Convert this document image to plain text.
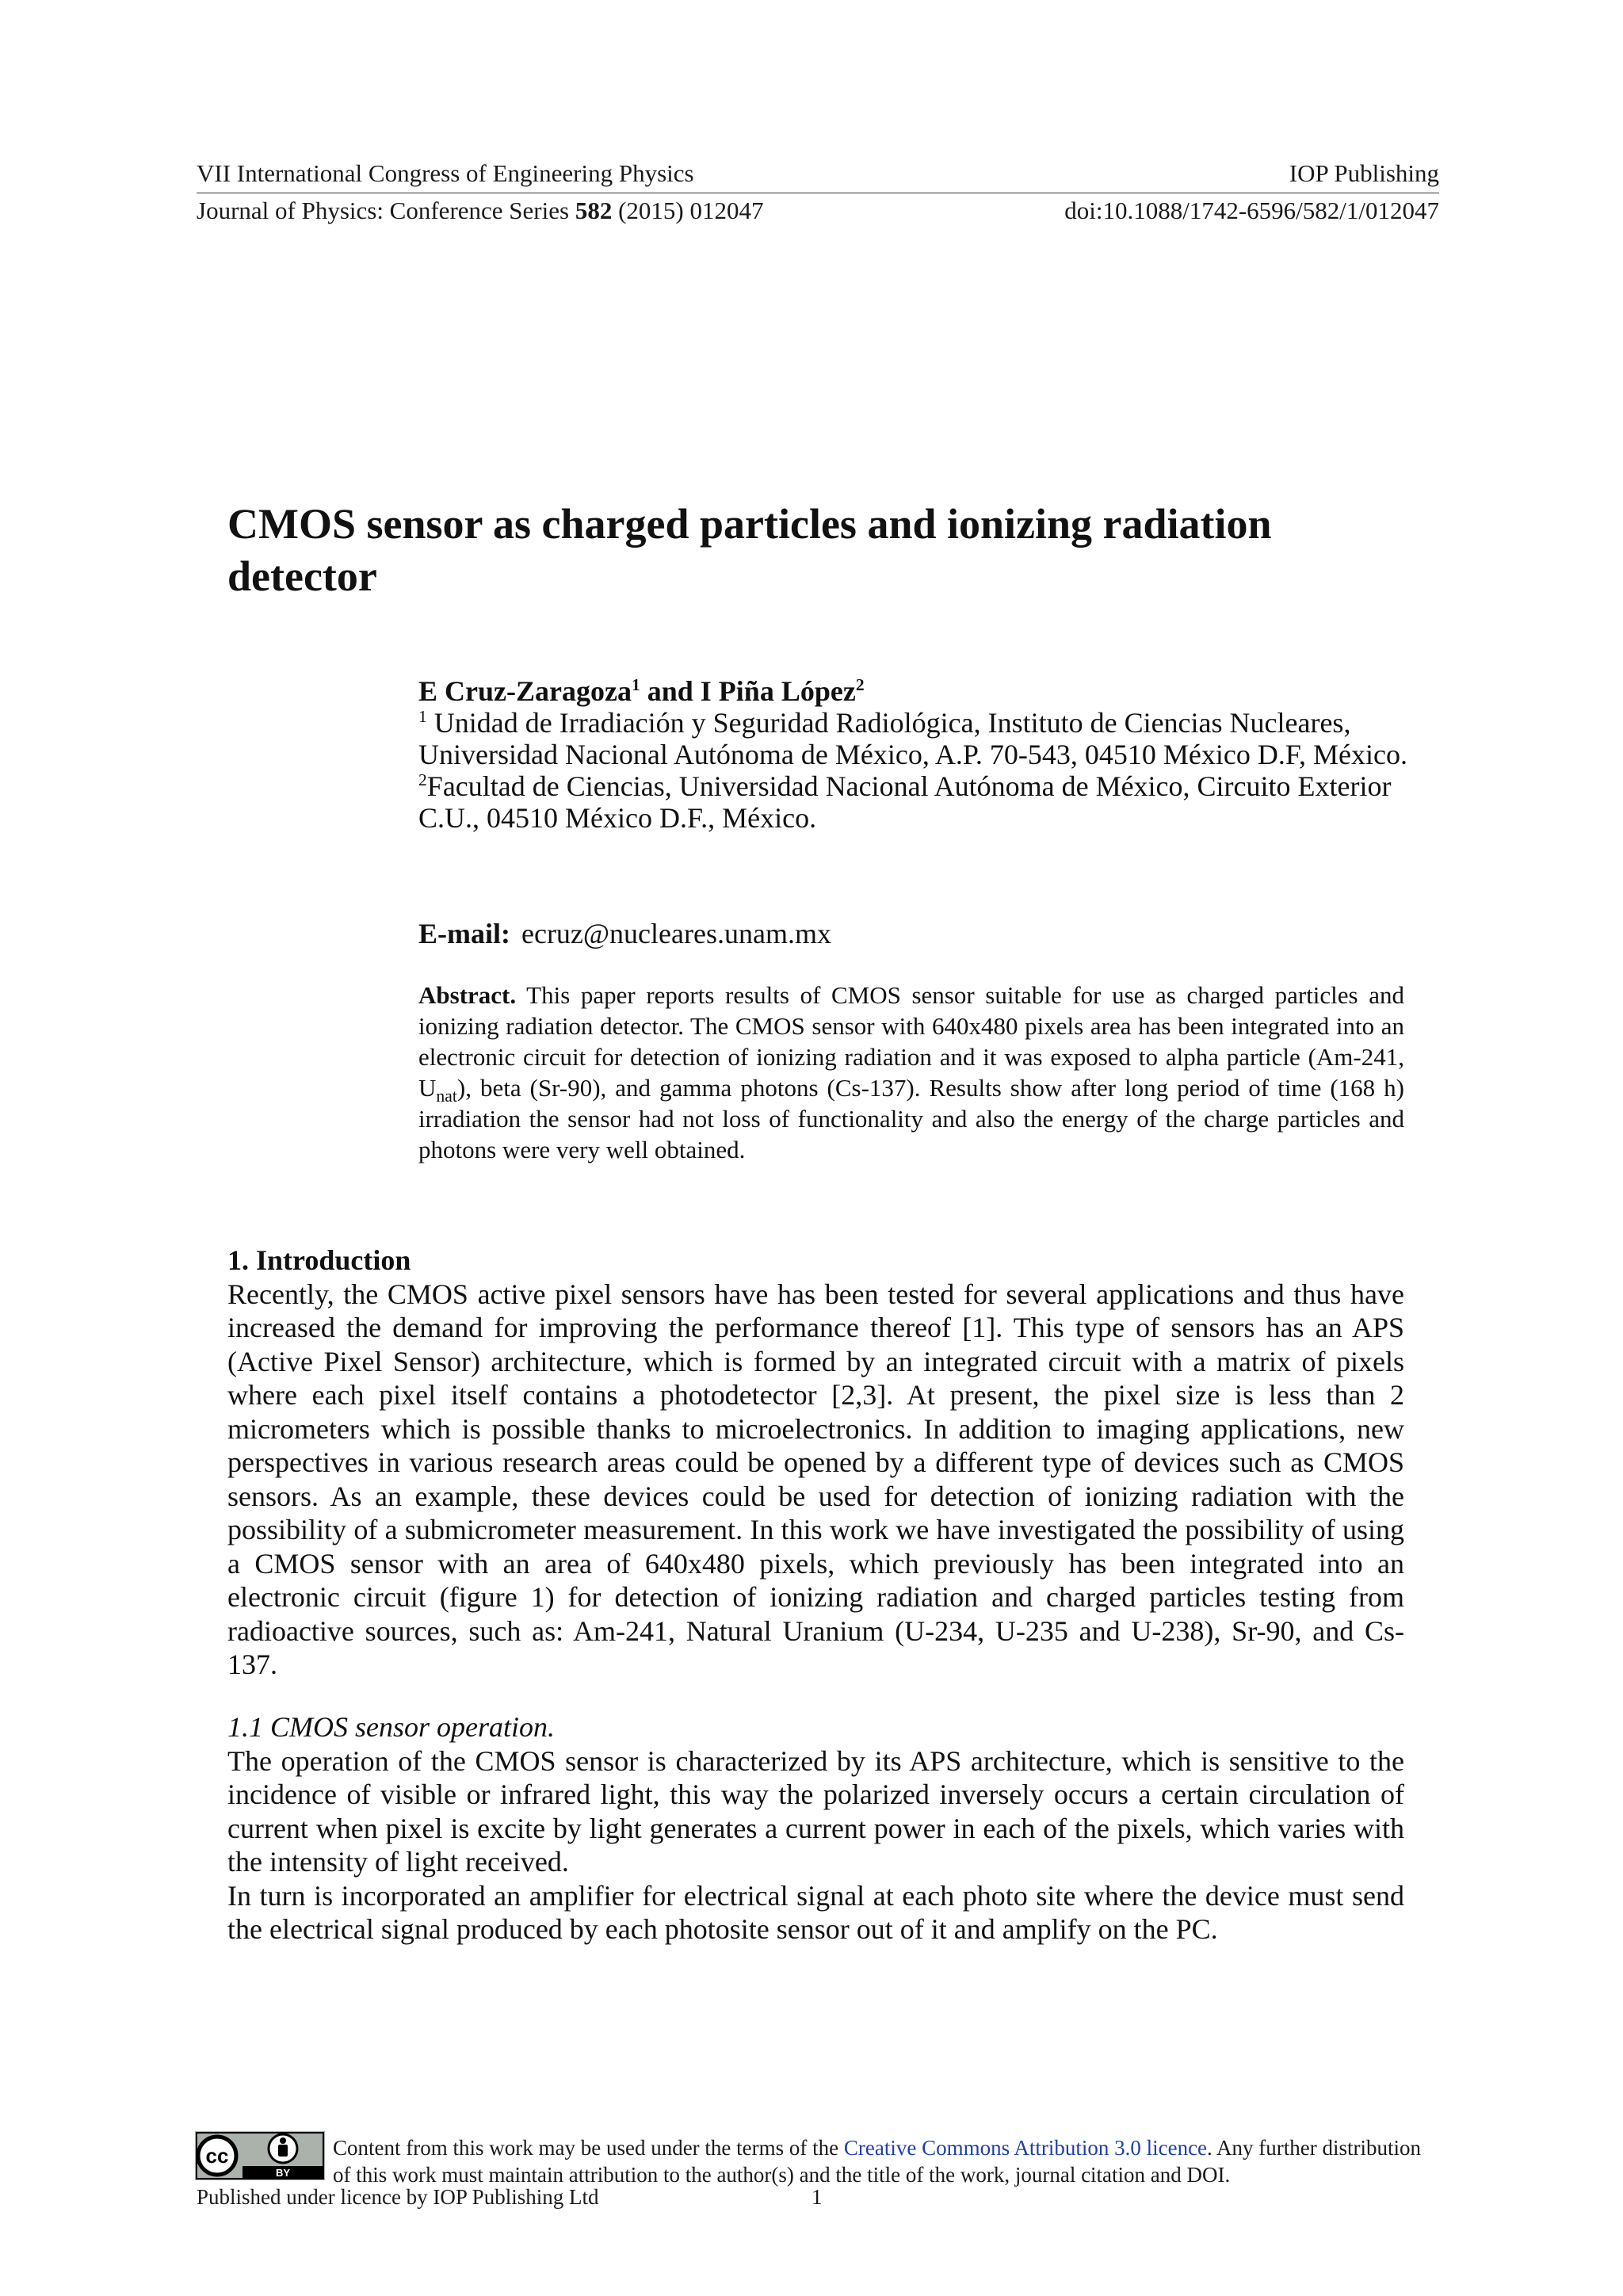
VII International Congress of Engineering Physics	IOP Publishing
Journal of Physics: Conference Series 582 (2015) 012047	doi:10.1088/1742-6596/582/1/012047
CMOS sensor as charged particles and ionizing radiation
detector
E Cruz-Zaragoza$^1$ and I Piña López$^2$
$^1$ Unidad de Irradiación y Seguridad Radiológica, Instituto de Ciencias Nucleares, Universidad Nacional Autónoma de México, A.P. 70-543, 04510 México D.F, México.
$^2$Facultad de Ciencias, Universidad Nacional Autónoma de México, Circuito Exterior C.U., 04510 México D.F., México.
E-mail: ecruz@nucleares.unam.mx
Abstract. This paper reports results of CMOS sensor suitable for use as charged particles and ionizing radiation detector. The CMOS sensor with 640x480 pixels area has been integrated into an electronic circuit for detection of ionizing radiation and it was exposed to alpha particle (Am-241, $U_{nat}$), beta (Sr-90), and gamma photons (Cs-137). Results show after long period of time (168 h) irradiation the sensor had not loss of functionality and also the energy of the charge particles and photons were very well obtained.
1. Introduction

Recently, the CMOS active pixel sensors have has been tested for several applications and thus have increased the demand for improving the performance thereof [1]. This type of sensors has an APS (Active Pixel Sensor) architecture, which is formed by an integrated circuit with a matrix of pixels where each pixel itself contains a photodetector [2,3]. At present, the pixel size is less than 2 micrometers which is possible thanks to microelectronics. In addition to imaging applications, new perspectives in various research areas could be opened by a different type of devices such as CMOS sensors. As an example, these devices could be used for detection of ionizing radiation with the possibility of a submicrometer measurement. In this work we have investigated the possibility of using a CMOS sensor with an area of 640x480 pixels, which previously has been integrated into an electronic circuit (figure 1) for detection of ionizing radiation and charged particles testing from radioactive sources, such as: Am-241, Natural Uranium (U-234, U-235 and U-238), Sr-90, and Cs-137.

1.1 CMOS sensor operation.

The operation of the CMOS sensor is characterized by its APS architecture, which is sensitive to the incidence of visible or infrared light, this way the polarized inversely occurs a certain circulation of current when pixel is excite by light generates a current power in each of the pixels, which varies with the intensity of light received.

In turn is incorporated an amplifier for electrical signal at each photo site where the device must send the electrical signal produced by each photosite sensor out of it and amplify on the PC.

cc
BY
Content from this work may be used under the terms of the Creative Commons Attribution 3.0 licence. Any further distribution of this work must maintain attribution to the author(s) and the title of the work, journal citation and DOI.
Published under licence by IOP Publishing Ltd	1
